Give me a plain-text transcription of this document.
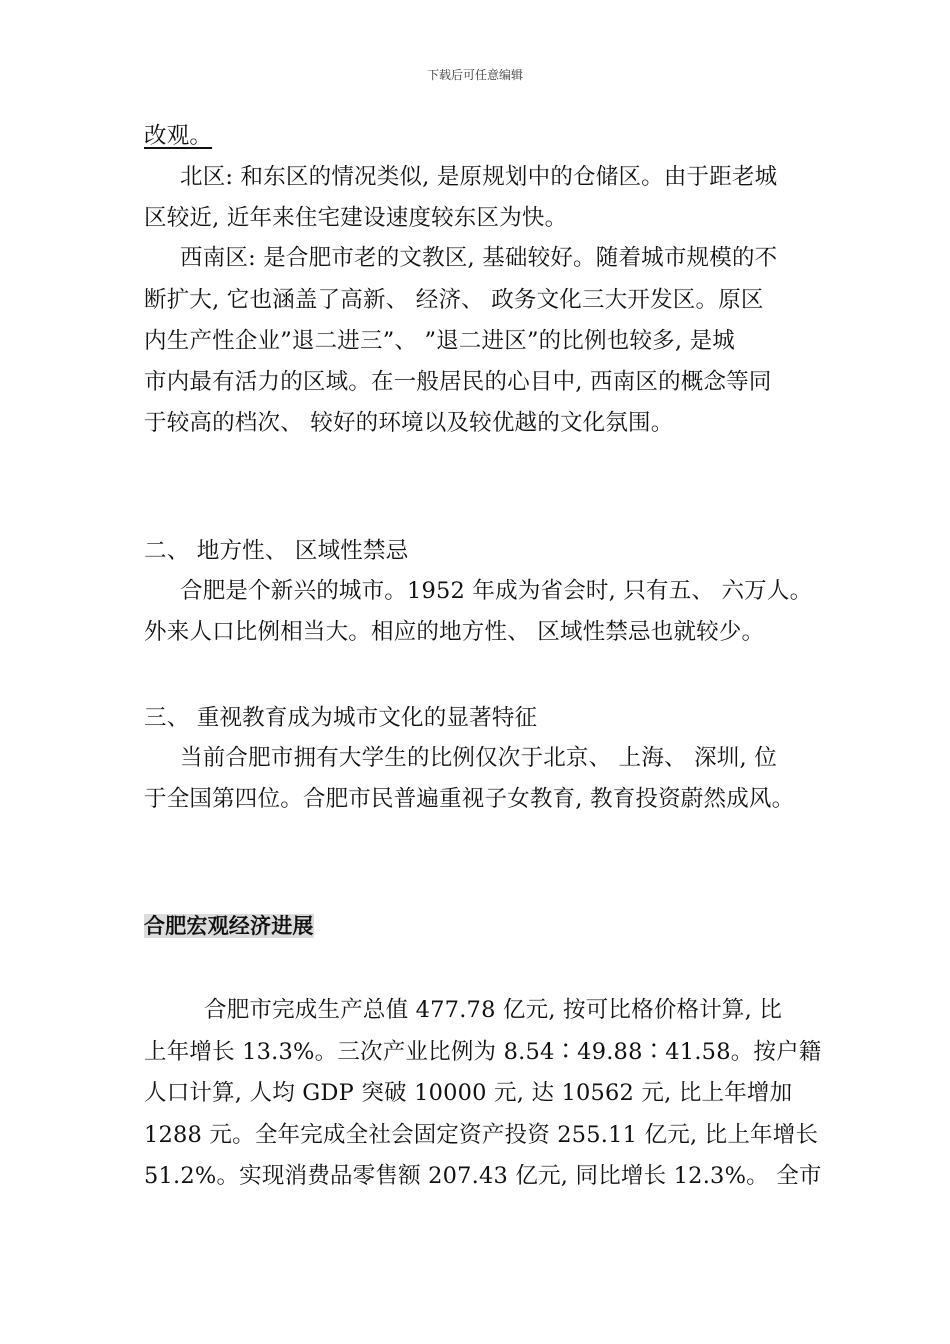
下载后可任意编辑
改观。
北区: 和东区的情况类似, 是原规划中的仓储区。由于距老城
区较近, 近年来住宅建设速度较东区为快。
西南区: 是合肥市老的文教区, 基础较好。随着城市规模的不
断扩大, 它也涵盖了高新、 经济、 政务文化三大开发区。原区
内生产性企业”退二进三”、 ”退二进区”的比例也较多, 是城
市内最有活力的区域。在一般居民的心目中, 西南区的概念等同
于较高的档次、 较好的环境以及较优越的文化氛围。
二、 地方性、 区域性禁忌
合肥是个新兴的城市。1952 年成为省会时, 只有五、 六万人。
外来人口比例相当大。相应的地方性、 区域性禁忌也就较少。
三、 重视教育成为城市文化的显著特征
当前合肥市拥有大学生的比例仅次于北京、 上海、 深圳, 位
于全国第四位。合肥市民普遍重视子女教育, 教育投资蔚然成风。
合肥宏观经济进展
合肥市完成生产总值 477.78 亿元, 按可比格价格计算, 比
上年增长 13.3%。三次产业比例为 8.54∶49.88∶41.58。按户籍
人口计算, 人均 GDP 突破 10000 元, 达 10562 元, 比上年增加
1288 元。全年完成全社会固定资产投资 255.11 亿元, 比上年增长
51.2%。实现消费品零售额 207.43 亿元, 同比增长 12.3%。 全市
